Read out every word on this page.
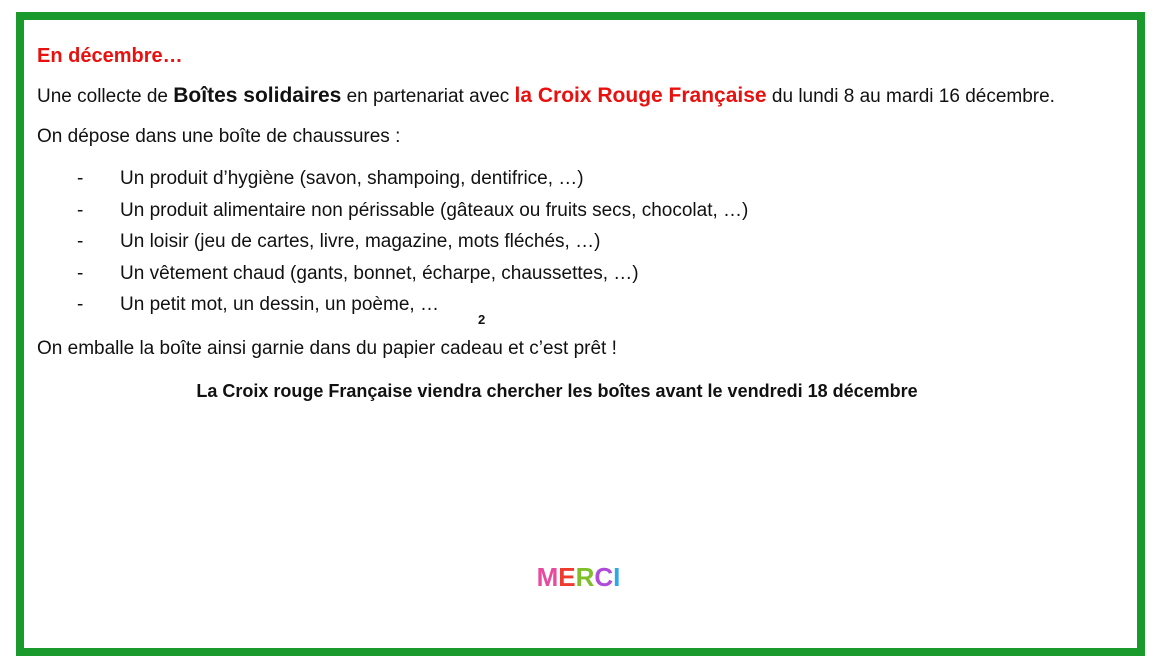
En décembre…

Une collecte de Boîtes solidaires en partenariat avec la Croix Rouge Française du lundi 8 au mardi 16 décembre.

On dépose dans une boîte de chaussures :

- Un produit d’hygiène (savon, shampoing, dentifrice, …)
- Un produit alimentaire non périssable (gâteaux ou fruits secs, chocolat, …)
- Un loisir (jeu de cartes, livre, magazine, mots fléchés, …)
- Un vêtement chaud (gants, bonnet, écharpe, chaussettes, …)
- Un petit mot, un dessin, un poème, …

On emballe la boîte ainsi garnie dans du papier cadeau et c’est prêt !

La Croix rouge Française viendra chercher les boîtes avant le vendredi 18 décembre

2
MERCI
